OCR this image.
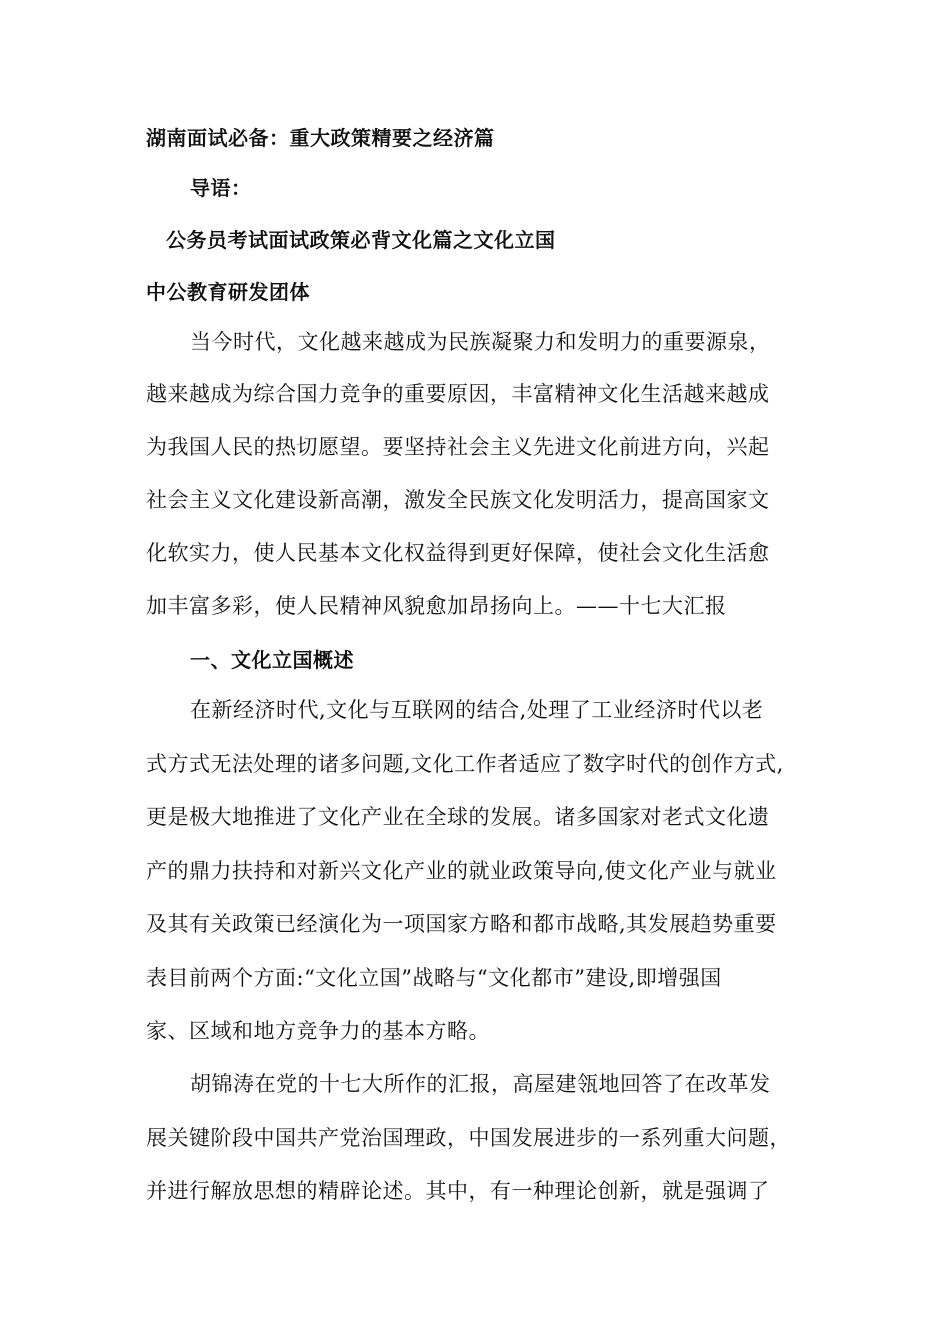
湖南面试必备：重大政策精要之经济篇
导语：
公务员考试面试政策必背文化篇之文化立国
中公教育研发团体
当今时代，文化越来越成为民族凝聚力和发明力的重要源泉，
越来越成为综合国力竞争的重要原因，丰富精神文化生活越来越成
为我国人民的热切愿望。要坚持社会主义先进文化前进方向，兴起
社会主义文化建设新高潮，激发全民族文化发明活力，提高国家文
化软实力，使人民基本文化权益得到更好保障，使社会文化生活愈
加丰富多彩，使人民精神风貌愈加昂扬向上。——十七大汇报
一、文化立国概述
在新经济时代,文化与互联网的结合,处理了工业经济时代以老
式方式无法处理的诸多问题,文化工作者适应了数字时代的创作方式,
更是极大地推进了文化产业在全球的发展。诸多国家对老式文化遗
产的鼎力扶持和对新兴文化产业的就业政策导向,使文化产业与就业
及其有关政策已经演化为一项国家方略和都市战略,其发展趋势重要
表目前两个方面:“文化立国”战略与“文化都市”建设,即增强国
家、区域和地方竞争力的基本方略。
胡锦涛在党的十七大所作的汇报，高屋建瓴地回答了在改革发
展关键阶段中国共产党治国理政，中国发展进步的一系列重大问题，
并进行解放思想的精辟论述。其中，有一种理论创新，就是强调了
